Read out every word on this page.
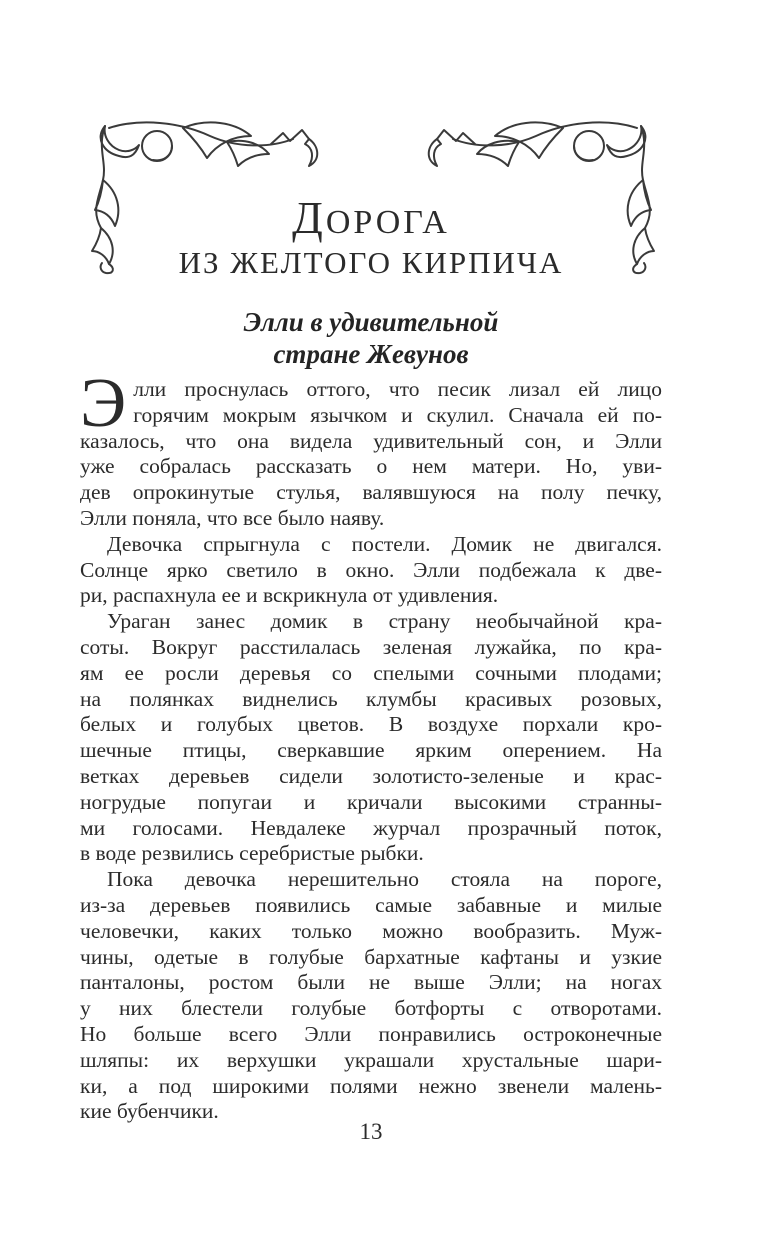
ДОРОГА
ИЗ ЖЕЛТОГО КИРПИЧА
Элли в удивительной
стране Жевунов
Э лли проснулась оттого, что песик лизал ей лицо
горячим мокрым язычком и скулил. Сначала ей по-
казалось, что она видела удивительный сон, и Элли
уже собралась рассказать о нем матери. Но, уви-
дев опрокинутые стулья, валявшуюся на полу печку,
Элли поняла, что все было наяву.
Девочка спрыгнула с постели. Домик не двигался.
Солнце ярко светило в окно. Элли подбежала к две-
ри, распахнула ее и вскрикнула от удивления.
Ураган занес домик в страну необычайной кра-
соты. Вокруг расстилалась зеленая лужайка, по кра-
ям ее росли деревья со спелыми сочными плодами;
на полянках виднелись клумбы красивых розовых,
белых и голубых цветов. В воздухе порхали кро-
шечные птицы, сверкавшие ярким оперением. На
ветках деревьев сидели золотисто-зеленые и крас-
ногрудые попугаи и кричали высокими странны-
ми голосами. Невдалеке журчал прозрачный поток,
в воде резвились серебристые рыбки.
Пока девочка нерешительно стояла на пороге,
из-за деревьев появились самые забавные и милые
человечки, каких только можно вообразить. Муж-
чины, одетые в голубые бархатные кафтаны и узкие
панталоны, ростом были не выше Элли; на ногах
у них блестели голубые ботфорты с отворотами.
Но больше всего Элли понравились остроконечные
шляпы: их верхушки украшали хрустальные шари-
ки, а под широкими полями нежно звенели малень-
кие бубенчики.
13
